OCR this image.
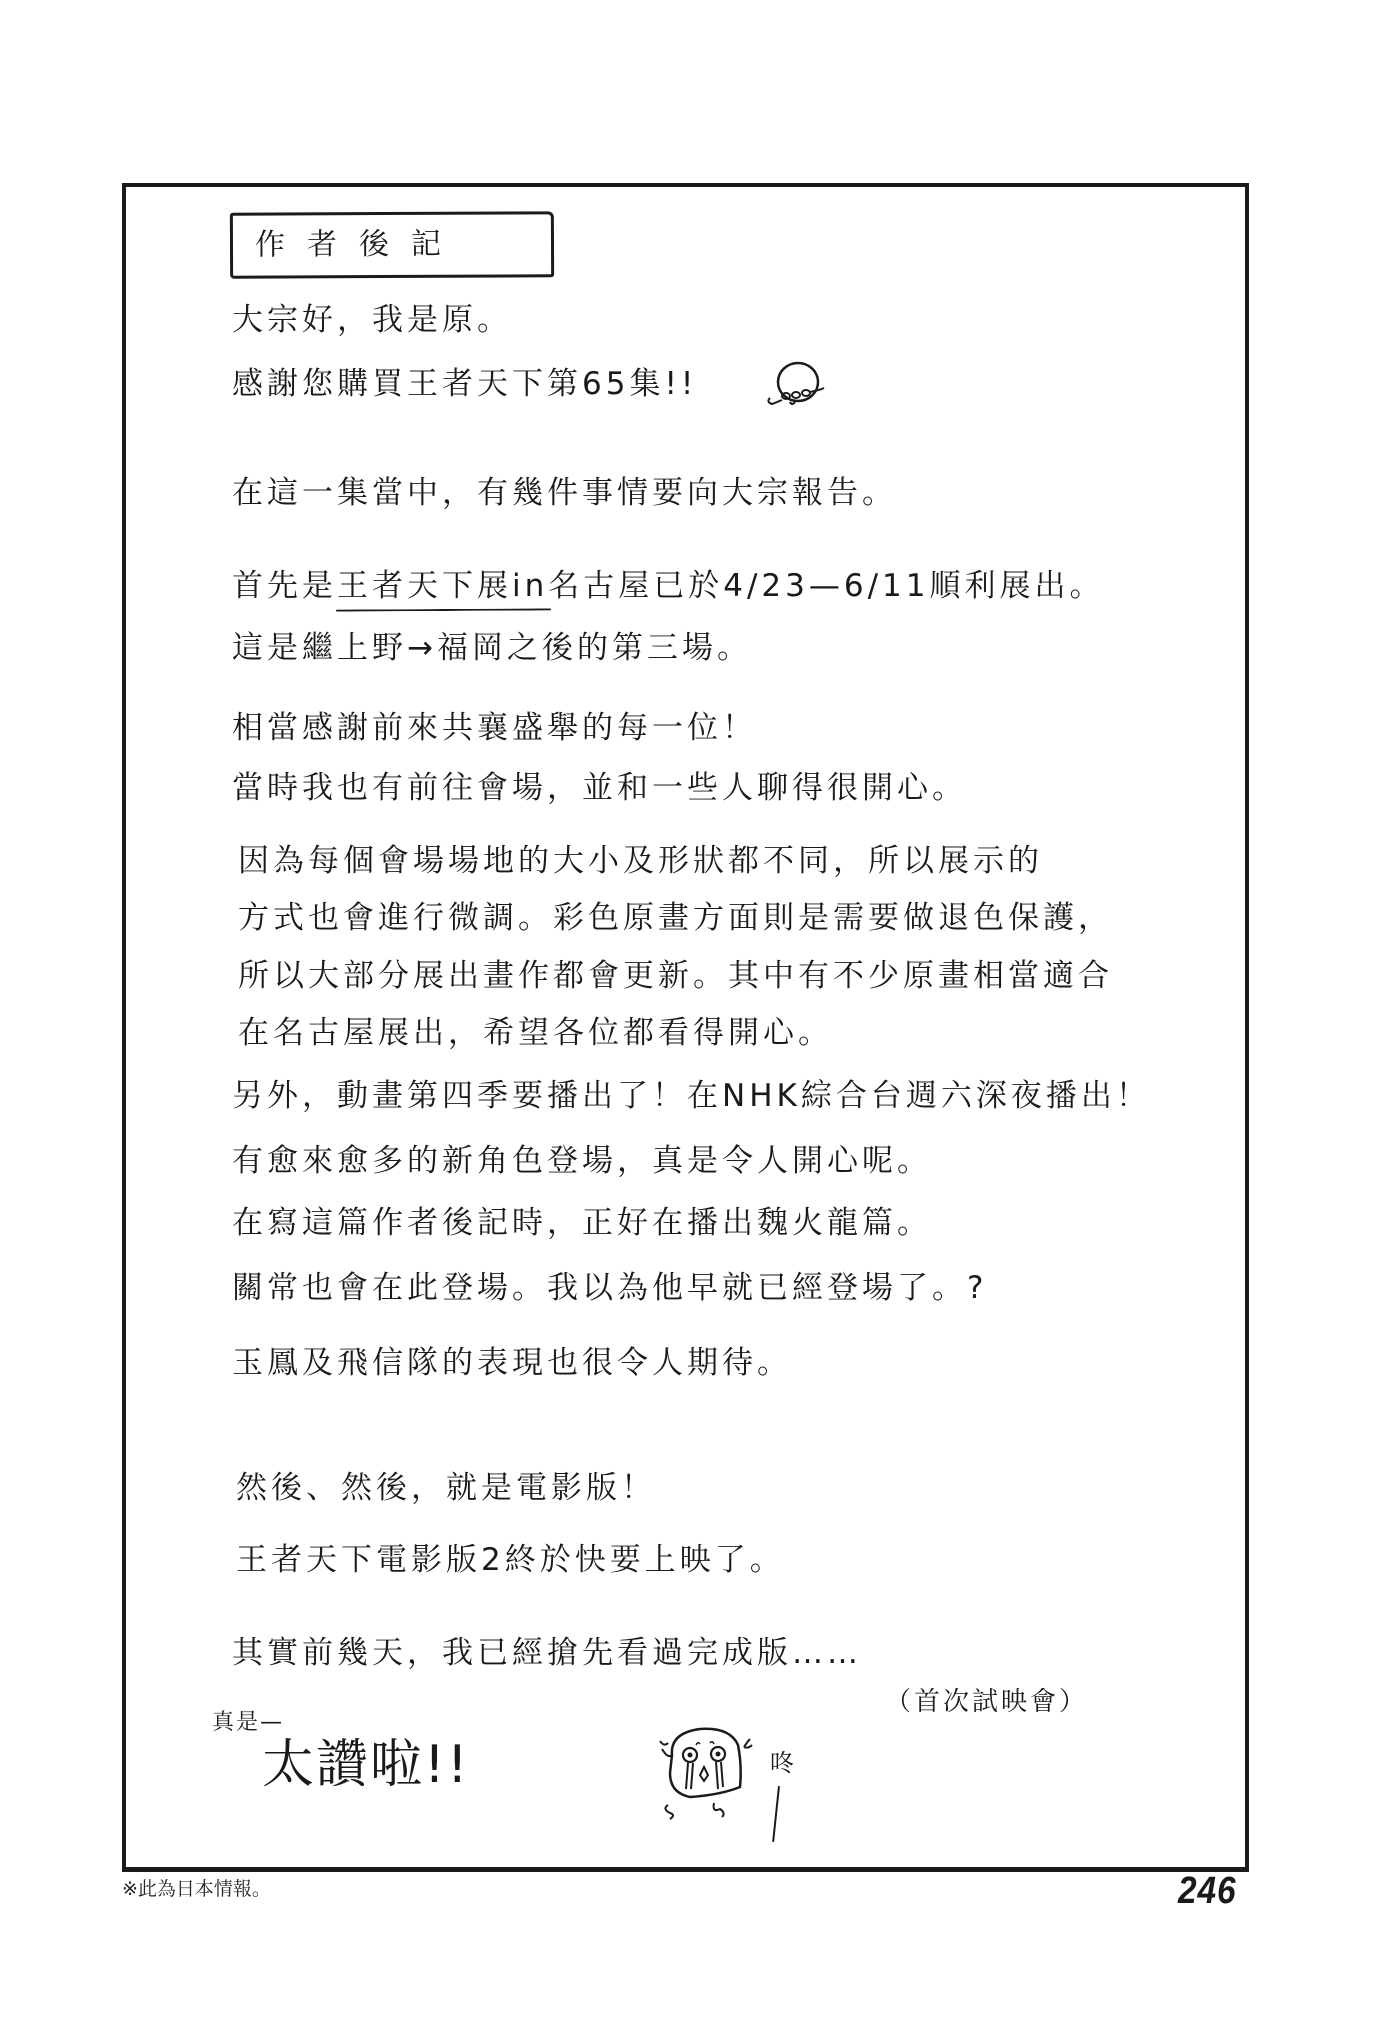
作者後記
大宗好，我是原。
感謝您購買王者天下第65集!!
在這一集當中，有幾件事情要向大宗報告。
首先是王者天下展in名古屋已於4/23—6/11順利展出。
這是繼上野→福岡之後的第三場。
相當感謝前來共襄盛舉的每一位！
當時我也有前往會場，並和一些人聊得很開心。
因為每個會場場地的大小及形狀都不同，所以展示的
方式也會進行微調。彩色原畫方面則是需要做退色保護，
所以大部分展出畫作都會更新。其中有不少原畫相當適合
在名古屋展出，希望各位都看得開心。
另外，動畫第四季要播出了！在NHK綜合台週六深夜播出！
有愈來愈多的新角色登場，真是令人開心呢。
在寫這篇作者後記時，正好在播出魏火龍篇。
關常也會在此登場。我以為他早就已經登場了。?
玉鳳及飛信隊的表現也很令人期待。
然後、然後，就是電影版！
王者天下電影版2終於快要上映了。
其實前幾天，我已經搶先看過完成版……
（首次試映會）
真是—
太讚啦!!	咚
※此為日本情報。	246
